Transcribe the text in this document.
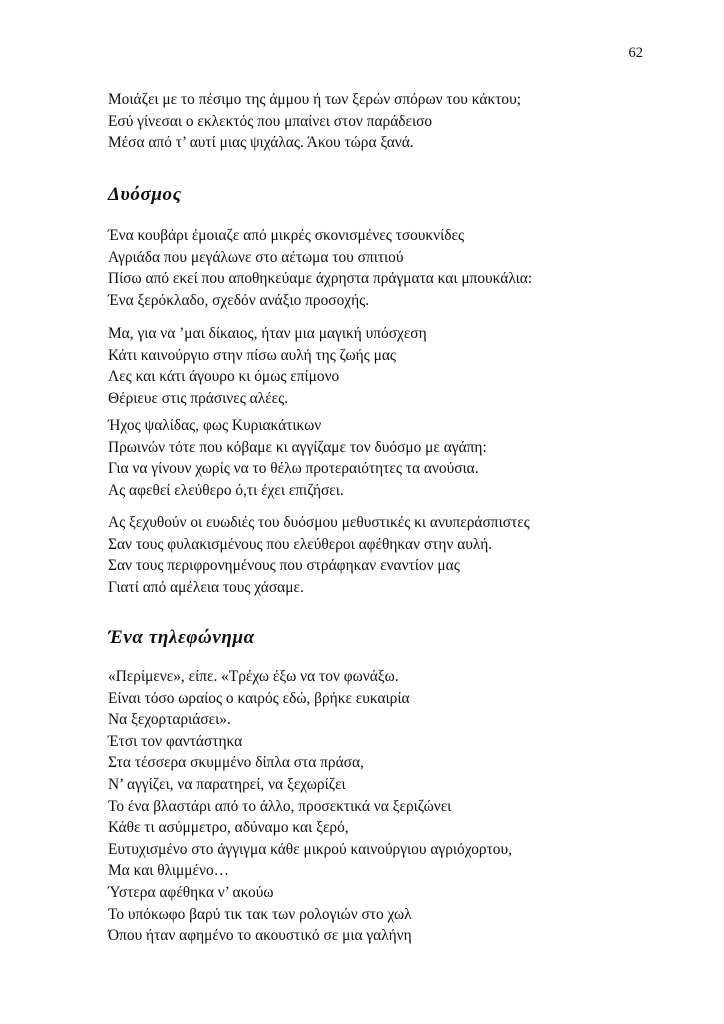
62
Μοιάζει με το πέσιμο της άμμου ή των ξερών σπόρων του κάκτου;
Εσύ γίνεσαι ο εκλεκτός που μπαίνει στον παράδεισο
Μέσα από τ’ αυτί μιας ψιχάλας. Άκου τώρα ξανά.
Δυόσμος
Ένα κουβάρι έμοιαζε από μικρές σκονισμένες τσουκνίδες
Αγριάδα που μεγάλωνε στο αέτωμα του σπιτιού
Πίσω από εκεί που αποθηκεύαμε άχρηστα πράγματα και μπουκάλια:
Ένα ξερόκλαδο, σχεδόν ανάξιο προσοχής.
Μα, για να ’μαι δίκαιος, ήταν μια μαγική υπόσχεση
Κάτι καινούργιο στην πίσω αυλή της ζωής μας
Λες και κάτι άγουρο κι όμως επίμονο
Θέριευε στις πράσινες αλέες.
Ήχος ψαλίδας, φως Κυριακάτικων
Πρωινών τότε που κόβαμε κι αγγίζαμε τον δυόσμο με αγάπη:
Για να γίνουν χωρίς να το θέλω προτεραιότητες τα ανούσια.
Ας αφεθεί ελεύθερο ό,τι έχει επιζήσει.
Ας ξεχυθούν οι ευωδιές του δυόσμου μεθυστικές κι ανυπεράσπιστες
Σαν τους φυλακισμένους που ελεύθεροι αφέθηκαν στην αυλή.
Σαν τους περιφρονημένους που στράφηκαν εναντίον μας
Γιατί από αμέλεια τους χάσαμε.
Ένα τηλεφώνημα
«Περίμενε», είπε. «Τρέχω έξω να τον φωνάξω.
Είναι τόσο ωραίος ο καιρός εδώ, βρήκε ευκαιρία
Να ξεχορταριάσει».
Έτσι τον φαντάστηκα
Στα τέσσερα σκυμμένο δίπλα στα πράσα,
Ν’ αγγίζει, να παρατηρεί, να ξεχωρίζει
Το ένα βλαστάρι από το άλλο, προσεκτικά να ξεριζώνει
Κάθε τι ασύμμετρο, αδύναμο και ξερό,
Ευτυχισμένο στο άγγιγμα κάθε μικρού καινούργιου αγριόχορτου,
Μα και θλιμμένο…
Ύστερα αφέθηκα ν’ ακούω
Το υπόκωφο βαρύ τικ τακ των ρολογιών στο χωλ
Όπου ήταν αφημένο το ακουστικό σε μια γαλήνη
